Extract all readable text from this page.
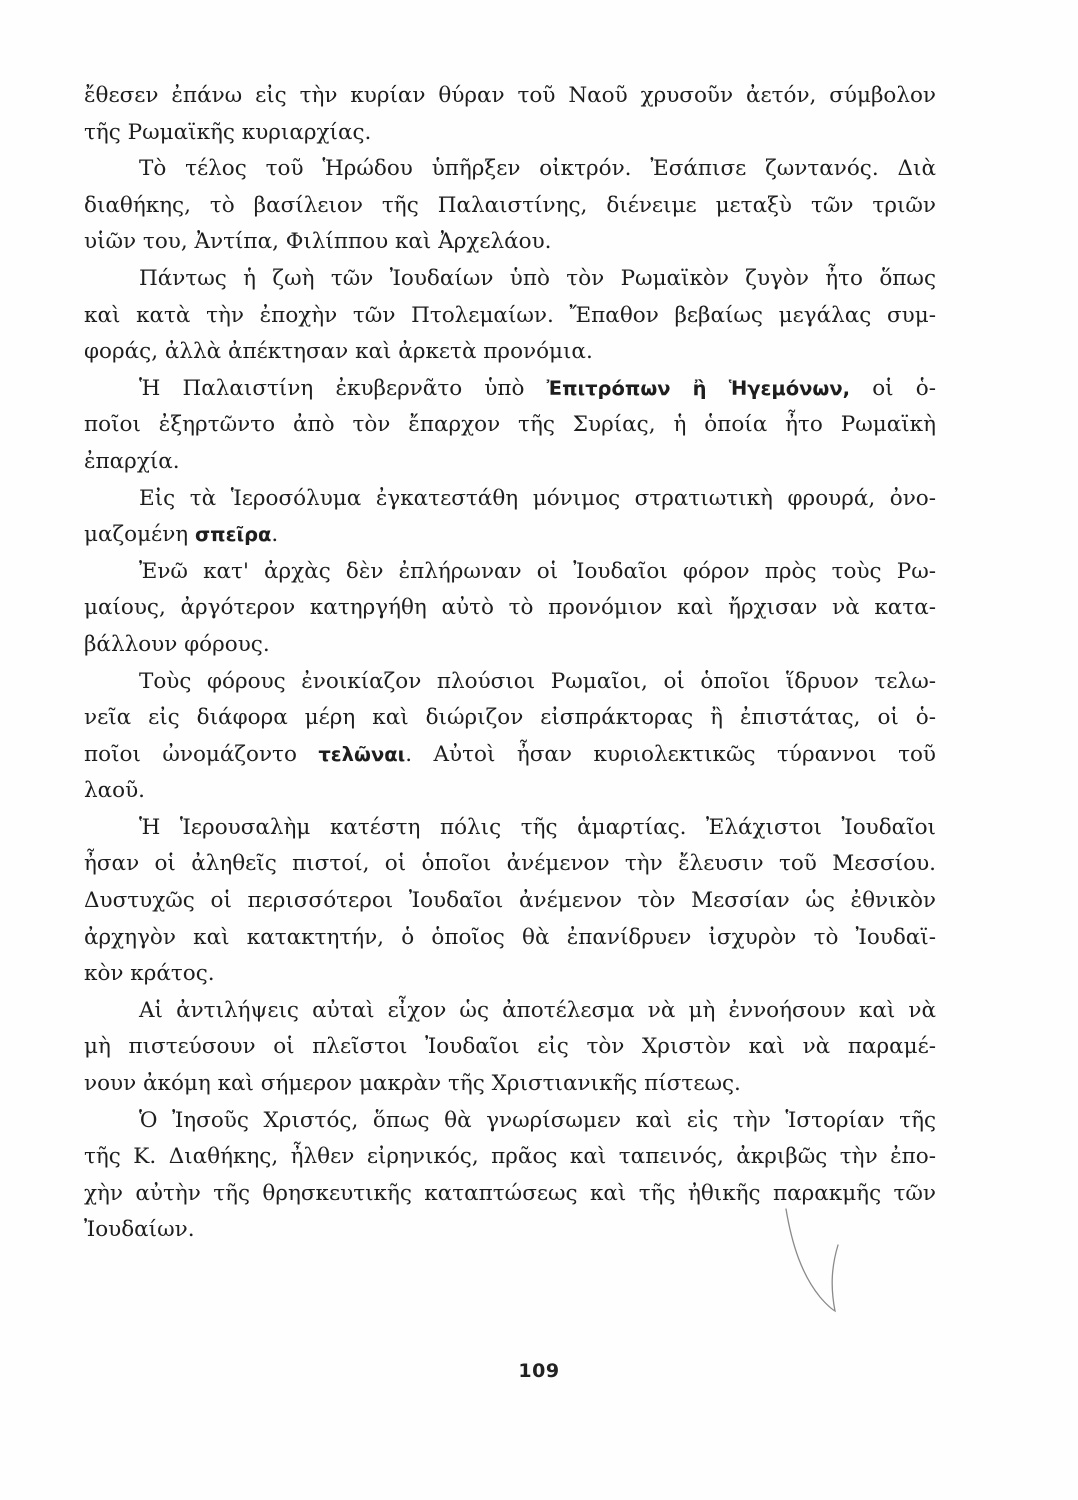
ἔθεσεν ἐπάνω εἰς τὴν κυρίαν θύραν τοῦ Ναοῦ χρυσοῦν ἀετόν, σύμβολον
τῆς Ρωμαϊκῆς κυριαρχίας.
Τὸ τέλος τοῦ Ἡρώδου ὑπῆρξεν οἰκτρόν. Ἐσάπισε ζωντανός. Διὰ
διαθήκης, τὸ βασίλειον τῆς Παλαιστίνης, διένειμε μεταξὺ τῶν τριῶν
υἱῶν του, Ἀντίπα, Φιλίππου καὶ Ἀρχελάου.
Πάντως ἡ ζωὴ τῶν Ἰουδαίων ὑπὸ τὸν Ρωμαϊκὸν ζυγὸν ἦτο ὅπως
καὶ κατὰ τὴν ἐποχὴν τῶν Πτολεμαίων. Ἔπαθον βεβαίως μεγάλας συμ-
φοράς, ἀλλὰ ἀπέκτησαν καὶ ἀρκετὰ προνόμια.
Ἡ Παλαιστίνη ἐκυβερνᾶτο ὑπὸ Ἐπιτρόπων ἢ Ἡγεμόνων, οἱ ὁ-
ποῖοι ἐξηρτῶντο ἀπὸ τὸν ἔπαρχον τῆς Συρίας, ἡ ὁποία ἦτο Ρωμαϊκὴ
ἐπαρχία.
Εἰς τὰ Ἱεροσόλυμα ἐγκατεστάθη μόνιμος στρατιωτικὴ φρουρά, ὀνο-
μαζομένη σπεῖρα.
Ἐνῶ κατ' ἀρχὰς δὲν ἐπλήρωναν οἱ Ἰουδαῖοι φόρον πρὸς τοὺς Ρω-
μαίους, ἀργότερον κατηργήθη αὐτὸ τὸ προνόμιον καὶ ἤρχισαν νὰ κατα-
βάλλουν φόρους.
Τοὺς φόρους ἐνοικίαζον πλούσιοι Ρωμαῖοι, οἱ ὁποῖοι ἵδρυον τελω-
νεῖα εἰς διάφορα μέρη καὶ διώριζον εἰσπράκτορας ἢ ἐπιστάτας, οἱ ὁ-
ποῖοι ὠνομάζοντο τελῶναι. Αὐτοὶ ἦσαν κυριολεκτικῶς τύραννοι τοῦ
λαοῦ.
Ἡ Ἱερουσαλὴμ κατέστη πόλις τῆς ἁμαρτίας. Ἐλάχιστοι Ἰουδαῖοι
ἦσαν οἱ ἀληθεῖς πιστοί, οἱ ὁποῖοι ἀνέμενον τὴν ἔλευσιν τοῦ Μεσσίου.
Δυστυχῶς οἱ περισσότεροι Ἰουδαῖοι ἀνέμενον τὸν Μεσσίαν ὡς ἐθνικὸν
ἀρχηγὸν καὶ κατακτητήν, ὁ ὁποῖος θὰ ἐπανίδρυεν ἰσχυρὸν τὸ Ἰουδαϊ-
κὸν κράτος.
Αἱ ἀντιλήψεις αὐταὶ εἶχον ὡς ἀποτέλεσμα νὰ μὴ ἐννοήσουν καὶ νὰ
μὴ πιστεύσουν οἱ πλεῖστοι Ἰουδαῖοι εἰς τὸν Χριστὸν καὶ νὰ παραμέ-
νουν ἀκόμη καὶ σήμερον μακρὰν τῆς Χριστιανικῆς πίστεως.
Ὁ Ἰησοῦς Χριστός, ὅπως θὰ γνωρίσωμεν καὶ εἰς τὴν Ἱστορίαν τῆς
τῆς Κ. Διαθήκης, ἦλθεν εἰρηνικός, πρᾶος καὶ ταπεινός, ἀκριβῶς τὴν ἐπο-
χὴν αὐτὴν τῆς θρησκευτικῆς καταπτώσεως καὶ τῆς ἠθικῆς παρακμῆς τῶν
Ἰουδαίων.
109
